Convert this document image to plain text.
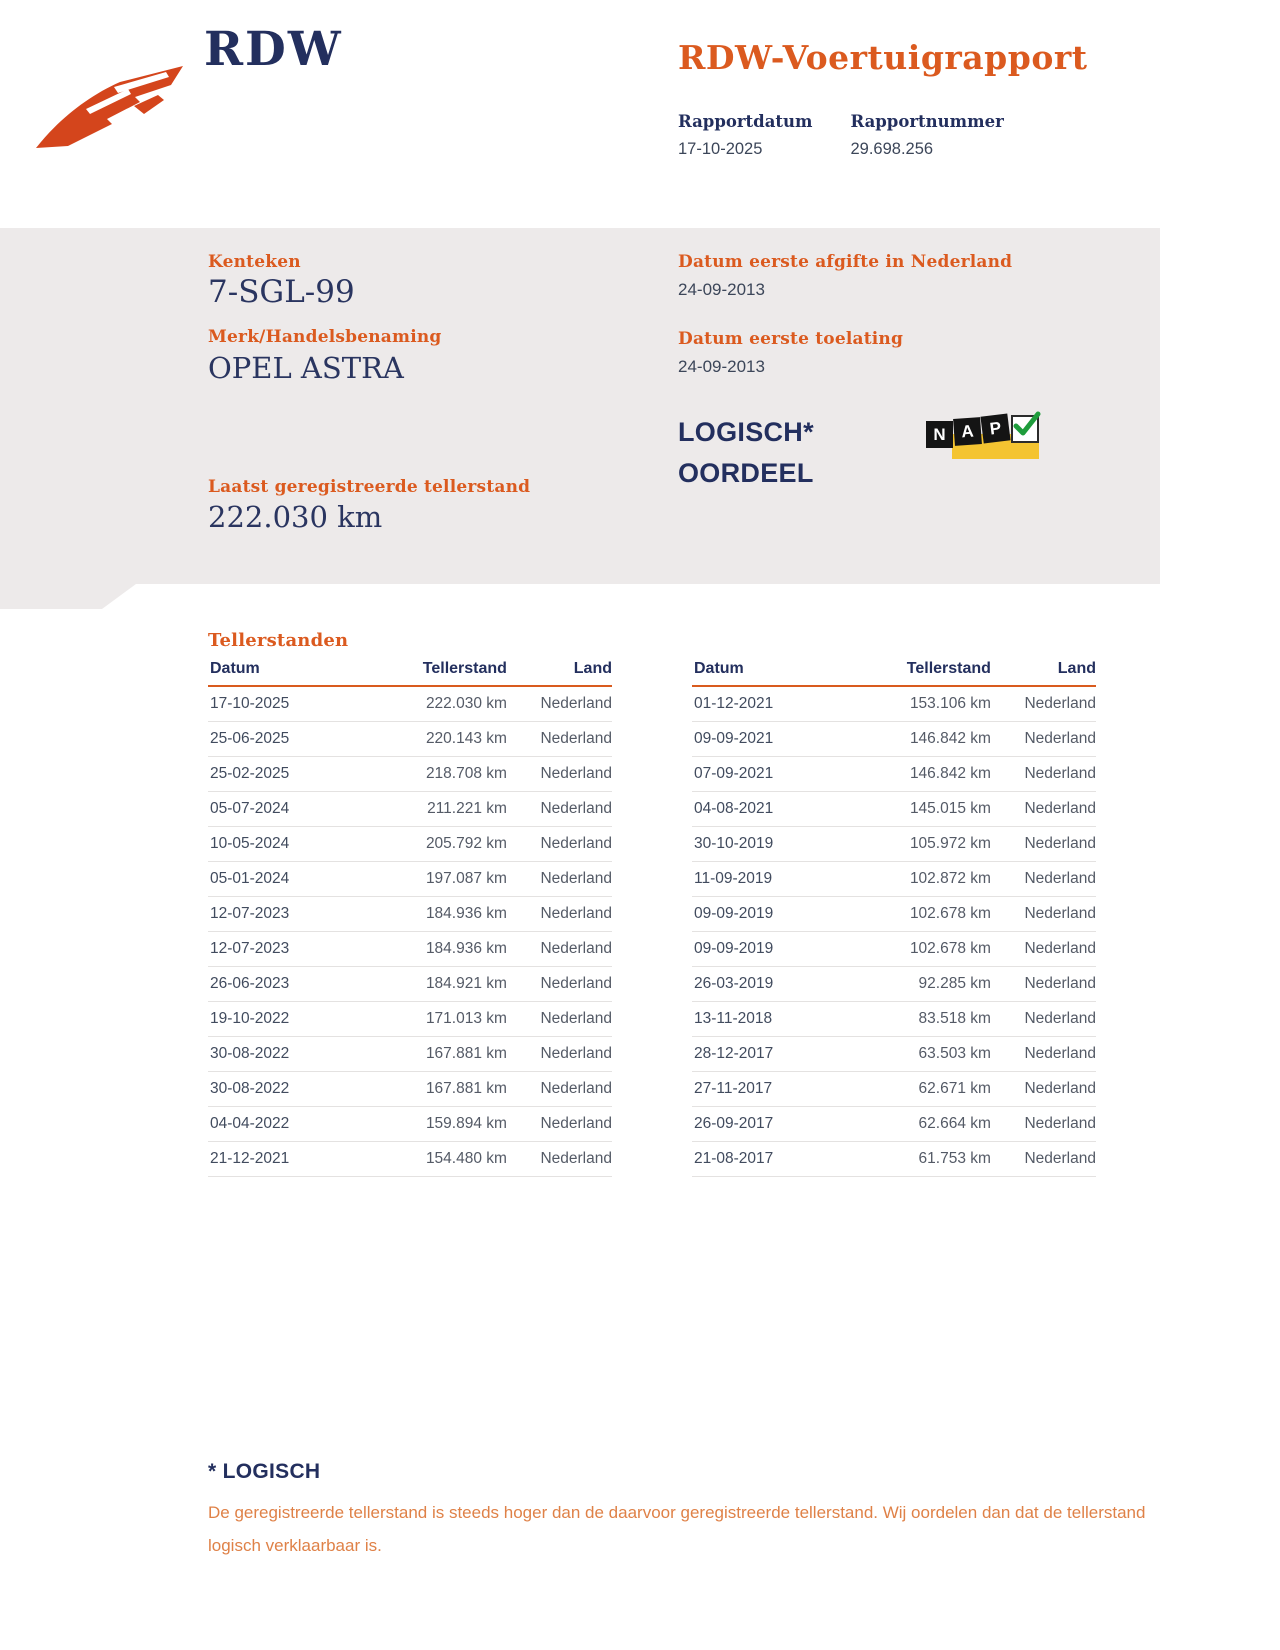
RDW	RDW-Voertuigrapport
Rapportdatum
17-10-2025
Rapportnummer
29.698.256
Kenteken
7-SGL-99
Merk/Handelsbenaming
OPEL ASTRA
Laatst geregistreerde tellerstand
222.030 km
Datum eerste afgifte in Nederland
24-09-2013
Datum eerste toelating
24-09-2013
LOGISCH*
OORDEEL
N A P
Tellerstanden
Datum	Tellerstand	Land
17-10-2025	222.030 km	Nederland
25-06-2025	220.143 km	Nederland
25-02-2025	218.708 km	Nederland
05-07-2024	211.221 km	Nederland
10-05-2024	205.792 km	Nederland
05-01-2024	197.087 km	Nederland
12-07-2023	184.936 km	Nederland
12-07-2023	184.936 km	Nederland
26-06-2023	184.921 km	Nederland
19-10-2022	171.013 km	Nederland
30-08-2022	167.881 km	Nederland
30-08-2022	167.881 km	Nederland
04-04-2022	159.894 km	Nederland
21-12-2021	154.480 km	Nederland
Datum	Tellerstand	Land
01-12-2021	153.106 km	Nederland
09-09-2021	146.842 km	Nederland
07-09-2021	146.842 km	Nederland
04-08-2021	145.015 km	Nederland
30-10-2019	105.972 km	Nederland
11-09-2019	102.872 km	Nederland
09-09-2019	102.678 km	Nederland
09-09-2019	102.678 km	Nederland
26-03-2019	92.285 km	Nederland
13-11-2018	83.518 km	Nederland
28-12-2017	63.503 km	Nederland
27-11-2017	62.671 km	Nederland
26-09-2017	62.664 km	Nederland
21-08-2017	61.753 km	Nederland
* LOGISCH
De geregistreerde tellerstand is steeds hoger dan de daarvoor geregistreerde tellerstand. Wij oordelen dan dat de tellerstand logisch verklaarbaar is.
